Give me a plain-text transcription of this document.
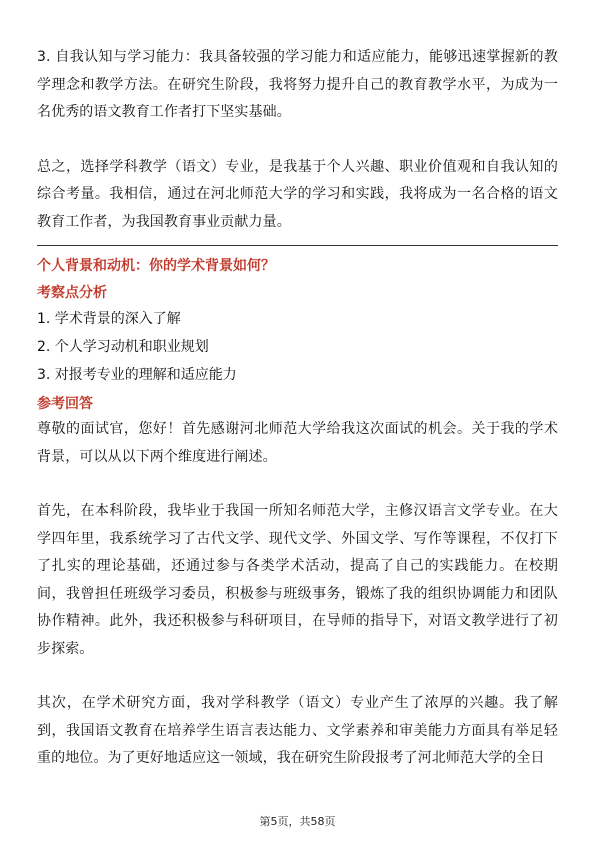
3. 自我认知与学习能力：我具备较强的学习能力和适应能力，能够迅速掌握新的教学理念和教学方法。在研究生阶段，我将努力提升自己的教育教学水平，为成为一名优秀的语文教育工作者打下坚实基础。

总之，选择学科教学（语文）专业，是我基于个人兴趣、职业价值观和自我认知的综合考量。我相信，通过在河北师范大学的学习和实践，我将成为一名合格的语文教育工作者，为我国教育事业贡献力量。

个人背景和动机：你的学术背景如何？
考察点分析
1. 学术背景的深入了解
2. 个人学习动机和职业规划
3. 对报考专业的理解和适应能力
参考回答

尊敬的面试官，您好！首先感谢河北师范大学给我这次面试的机会。关于我的学术背景，可以从以下两个维度进行阐述。

首先，在本科阶段，我毕业于我国一所知名师范大学，主修汉语言文学专业。在大学四年里，我系统学习了古代文学、现代文学、外国文学、写作等课程，不仅打下了扎实的理论基础，还通过参与各类学术活动，提高了自己的实践能力。在校期间，我曾担任班级学习委员，积极参与班级事务，锻炼了我的组织协调能力和团队协作精神。此外，我还积极参与科研项目，在导师的指导下，对语文教学进行了初步探索。

其次，在学术研究方面，我对学科教学（语文）专业产生了浓厚的兴趣。我了解到，我国语文教育在培养学生语言表达能力、文学素养和审美能力方面具有举足轻重的地位。为了更好地适应这一领域，我在研究生阶段报考了河北师范大学的全日

第5页，共58页
